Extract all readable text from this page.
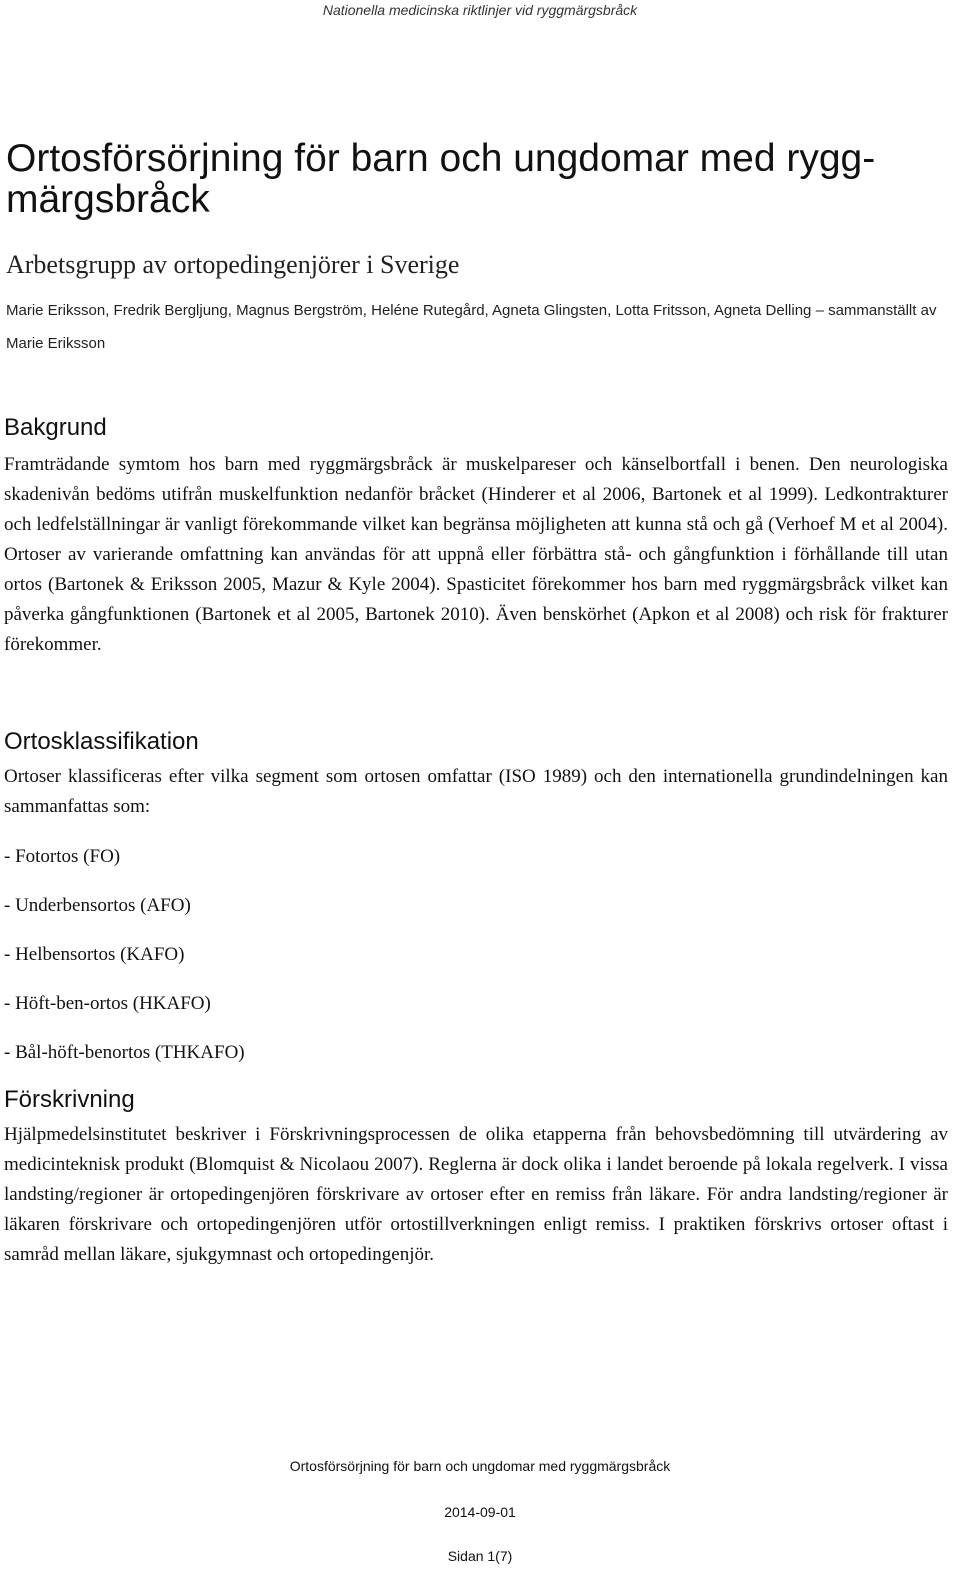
Nationella medicinska riktlinjer vid ryggmärgsbråck
Ortosförsörjning för barn och ungdomar med rygg-märgsbråck

Arbetsgrupp av ortopedingenjörer i Sverige

Marie Eriksson, Fredrik Bergljung, Magnus Bergström, Heléne Rutegård, Agneta Glingsten, Lotta Fritsson, Agneta Delling – sammanställt av Marie Eriksson

Bakgrund

Framträdande symtom hos barn med ryggmärgsbråck är muskelpareser och känselbortfall i benen. Den neurologiska skadenivån bedöms utifrån muskelfunktion nedanför bråcket (Hinderer et al 2006, Bartonek et al 1999). Ledkontrakturer och ledfelställningar är vanligt förekommande vilket kan begränsa möjligheten att kunna stå och gå (Verhoef M et al 2004). Ortoser av varierande omfattning kan användas för att uppnå eller förbättra stå- och gångfunktion i förhållande till utan ortos (Bartonek & Eriksson 2005, Mazur & Kyle 2004). Spasticitet förekommer hos barn med ryggmärgsbråck vilket kan påverka gångfunktionen (Bartonek et al 2005, Bartonek 2010). Även benskörhet (Apkon et al 2008) och risk för frakturer förekommer.

Ortosklassifikation

Ortoser klassificeras efter vilka segment som ortosen omfattar (ISO 1989) och den internationella grundindelningen kan sammanfattas som:

- Fotortos (FO)
- Underbensortos (AFO)
- Helbensortos (KAFO)
- Höft-ben-ortos (HKAFO)
- Bål-höft-benortos (THKAFO)
Förskrivning

Hjälpmedelsinstitutet beskriver i Förskrivningsprocessen de olika etapperna från behovsbedömning till utvärdering av medicinteknisk produkt (Blomquist & Nicolaou 2007). Reglerna är dock olika i landet beroende på lokala regelverk. I vissa landsting/regioner är ortopedingenjören förskrivare av ortoser efter en remiss från läkare. För andra landsting/regioner är läkaren förskrivare och ortopedingenjören utför ortostillverkningen enligt remiss. I praktiken förskrivs ortoser oftast i samråd mellan läkare, sjukgymnast och ortopedingenjör.

Ortosförsörjning för barn och ungdomar med ryggmärgsbråck
2014-09-01
Sidan 1(7)
